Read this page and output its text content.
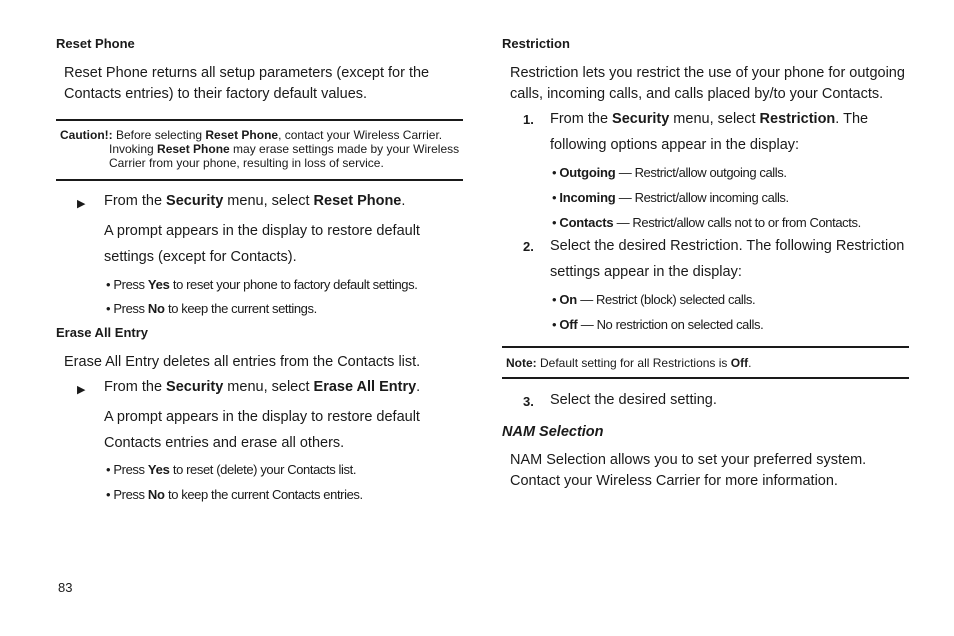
Reset Phone
Reset Phone returns all setup parameters (except for the Contacts entries) to their factory default values.
Caution!: Before selecting Reset Phone, contact your Wireless Carrier.
Invoking Reset Phone may erase settings made by your Wireless
Carrier from your phone, resulting in loss of service.
▶ From the Security menu, select Reset Phone.
A prompt appears in the display to restore default settings (except for Contacts).
• Press Yes to reset your phone to factory default settings.
• Press No to keep the current settings.
Erase All Entry
Erase All Entry deletes all entries from the Contacts list.
▶ From the Security menu, select Erase All Entry.
A prompt appears in the display to restore default Contacts entries and erase all others.
• Press Yes to reset (delete) your Contacts list.
• Press No to keep the current Contacts entries.
83
Restriction
Restriction lets you restrict the use of your phone for outgoing calls, incoming calls, and calls placed by/to your Contacts.
1. From the Security menu, select Restriction. The following options appear in the display:
• Outgoing — Restrict/allow outgoing calls.
• Incoming — Restrict/allow incoming calls.
• Contacts — Restrict/allow calls not to or from Contacts.
2. Select the desired Restriction. The following Restriction settings appear in the display:
• On — Restrict (block) selected calls.
• Off — No restriction on selected calls.
Note: Default setting for all Restrictions is Off.
3. Select the desired setting.
NAM Selection
NAM Selection allows you to set your preferred system. Contact your Wireless Carrier for more information.
